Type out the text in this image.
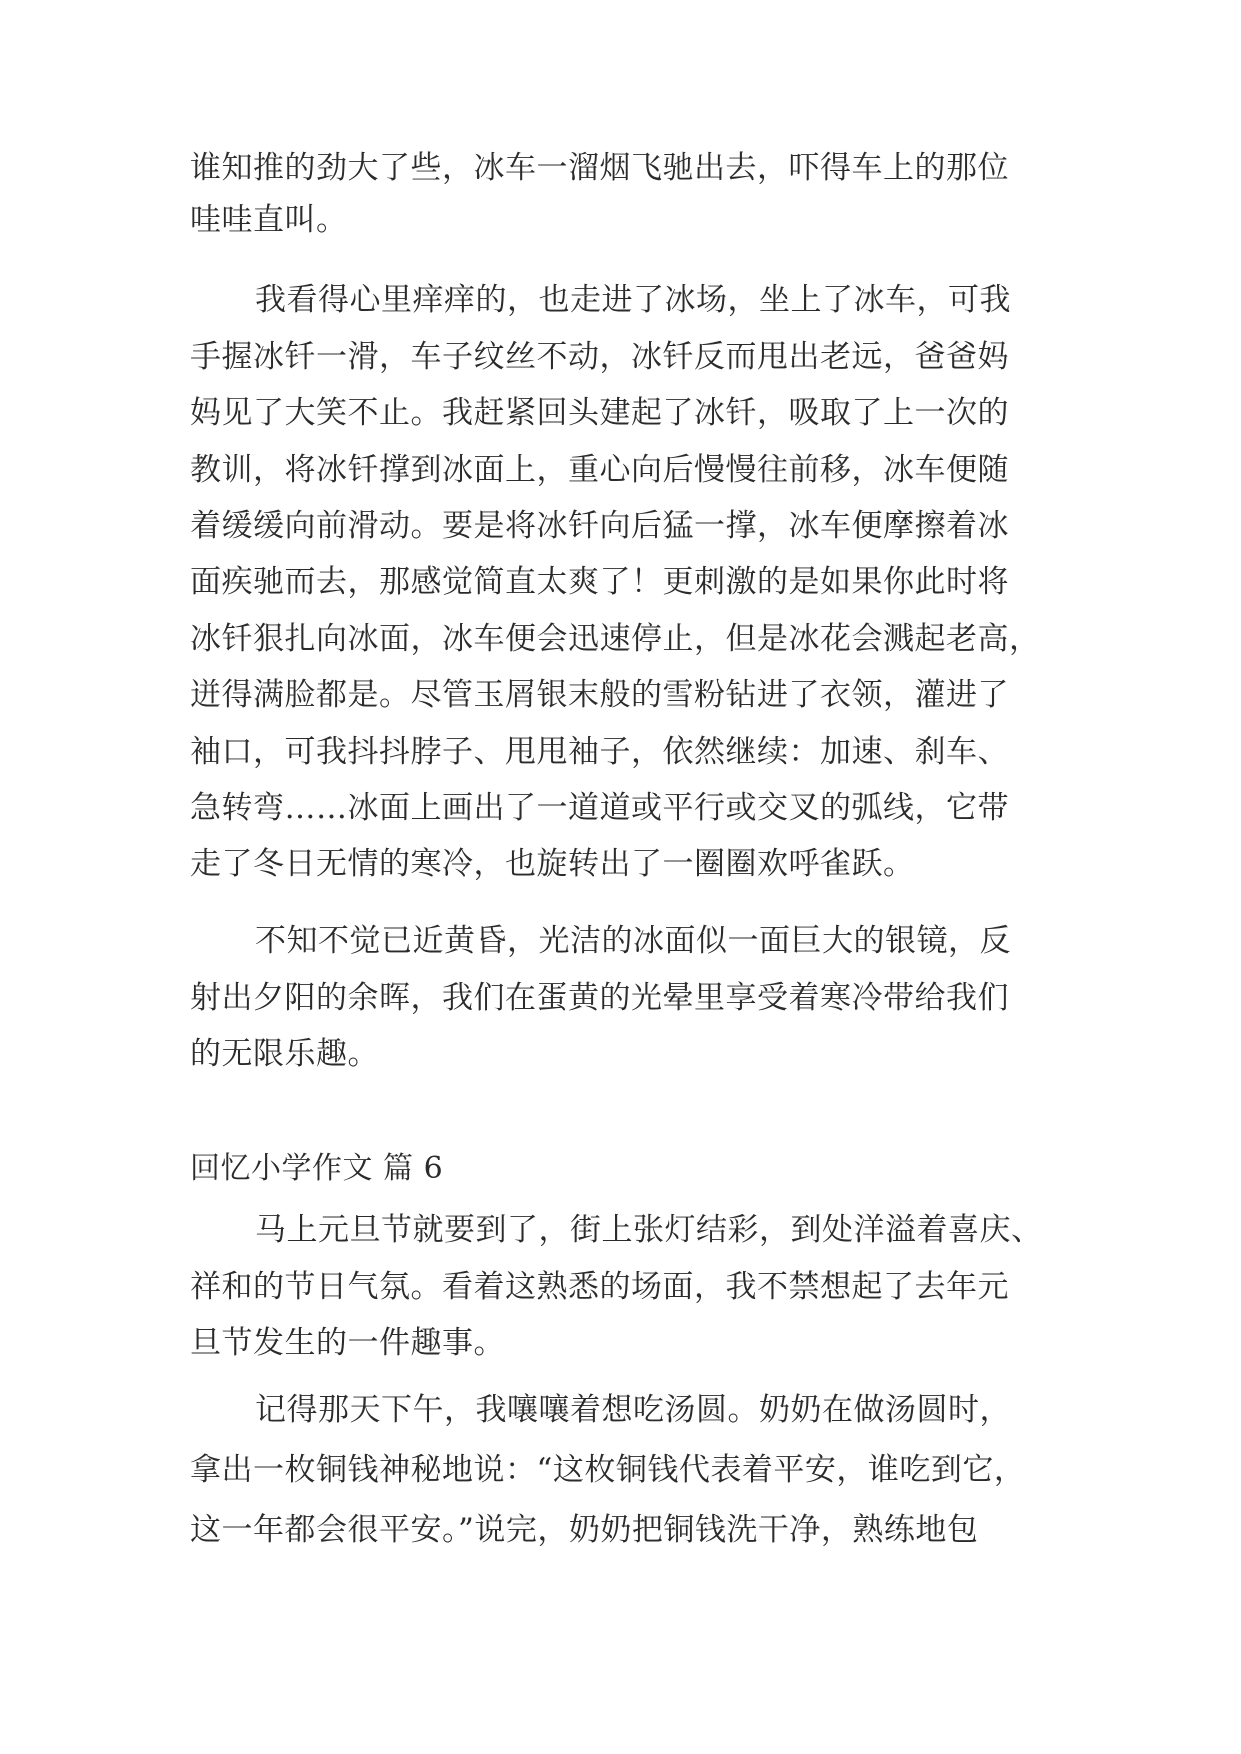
谁知推的劲大了些，冰车一溜烟飞驰出去，吓得车上的那位
哇哇直叫。
我看得心里痒痒的，也走进了冰场，坐上了冰车，可我
手握冰钎一滑，车子纹丝不动，冰钎反而甩出老远，爸爸妈
妈见了大笑不止。我赶紧回头建起了冰钎，吸取了上一次的
教训，将冰钎撑到冰面上，重心向后慢慢往前移，冰车便随
着缓缓向前滑动。要是将冰钎向后猛一撑，冰车便摩擦着冰
面疾驰而去，那感觉简直太爽了！更刺激的是如果你此时将
冰钎狠扎向冰面，冰车便会迅速停止，但是冰花会溅起老高，
迸得满脸都是。尽管玉屑银末般的雪粉钻进了衣领，灌进了
袖口，可我抖抖脖子、甩甩袖子，依然继续：加速、刹车、
急转弯……冰面上画出了一道道或平行或交叉的弧线，它带
走了冬日无情的寒冷，也旋转出了一圈圈欢呼雀跃。
不知不觉已近黄昏，光洁的冰面似一面巨大的银镜，反
射出夕阳的余晖，我们在蛋黄的光晕里享受着寒冷带给我们
的无限乐趣。
回忆小学作文 篇 6
马上元旦节就要到了，街上张灯结彩，到处洋溢着喜庆、
祥和的节日气氛。看着这熟悉的场面，我不禁想起了去年元
旦节发生的一件趣事。
记得那天下午，我嚷嚷着想吃汤圆。奶奶在做汤圆时，
拿出一枚铜钱神秘地说：“这枚铜钱代表着平安，谁吃到它，
这一年都会很平安。”说完，奶奶把铜钱洗干净，熟练地包
